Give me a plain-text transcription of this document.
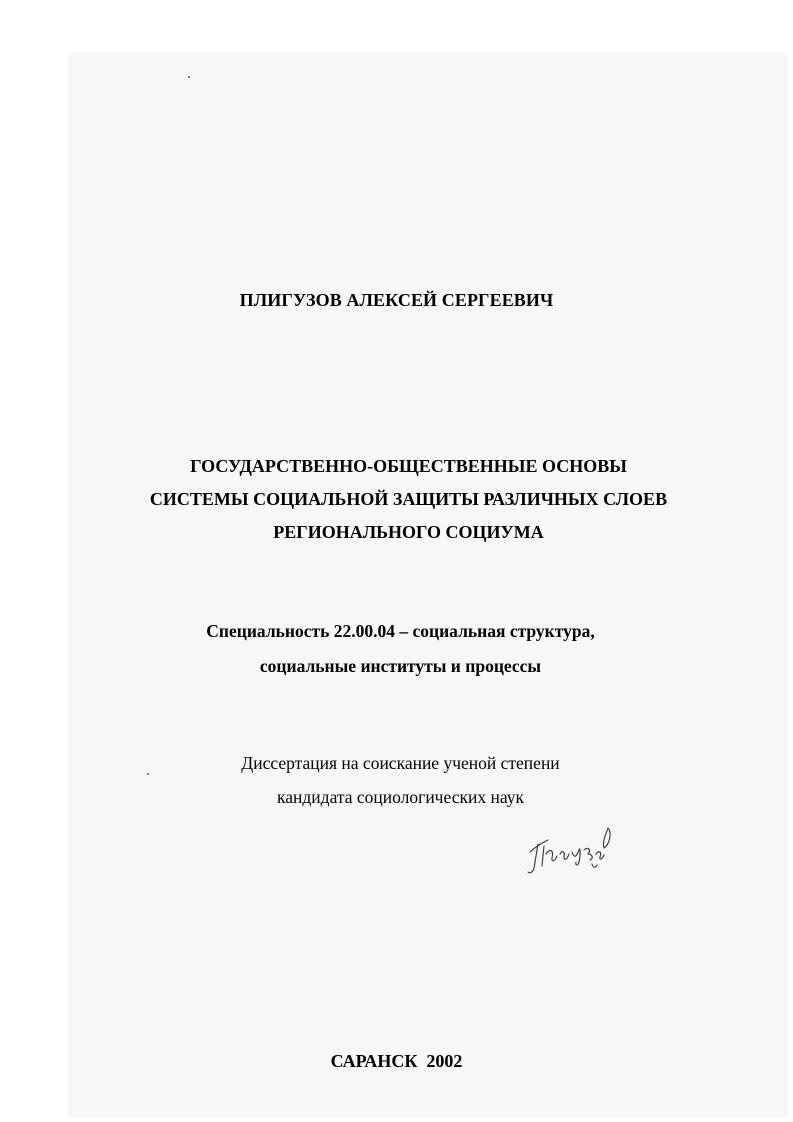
ПЛИГУЗОВ АЛЕКСЕЙ СЕРГЕЕВИЧ
ГОСУДАРСТВЕННО-ОБЩЕСТВЕННЫЕ ОСНОВЫ
СИСТЕМЫ СОЦИАЛЬНОЙ ЗАЩИТЫ РАЗЛИЧНЫХ СЛОЕВ
РЕГИОНАЛЬНОГО СОЦИУМА
Специальность 22.00.04 – социальная структура,
социальные институты и процессы
Диссертация на соискание ученой степени
кандидата социологических наук
САРАНСК  2002
